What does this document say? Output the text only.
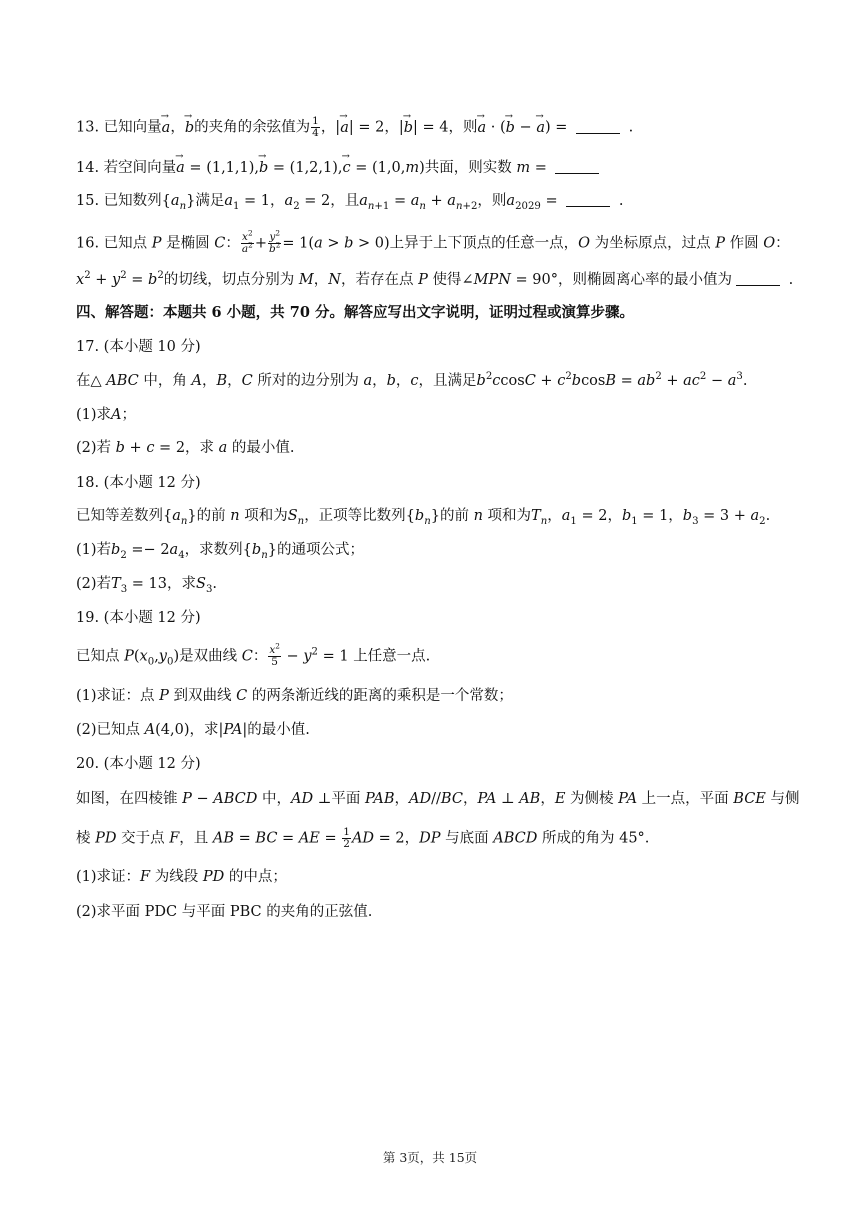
13. 已知向量→ a，→ b的夹角的余弦值为 $\frac{1}{4}$ ，|→ a| = 2，|→ b| = 4，则→ a · (→ b − → a) =	.
14. 若空间向量→ a = (1,1,1),→ b = (1,2,1),→ c = (1,0,m)共面，则实数 m =
15. 已知数列$\{a_n\}$满足$a_1 = 1$，$a_2 = 2$，且$a_{n+1} = a_n + a_{n+2}$，则$a_{2029}$ =	.
16. 已知点 P 是椭圆 C： $\frac{x^2}{a^2} + \frac{y^2}{b^2} = 1(a > b > 0)$上异于上下顶点的任意一点，O 为坐标原点，过点 P 作圆 O：
$x^2 + y^2 = b^2$的切线，切点分别为 M，N，若存在点 P 使得∠MPN = 90°，则椭圆离心率的最小值为	.
四、解答题：本题共 6 小题，共 70 分。解答应写出文字说明，证明过程或演算步骤。
17. (本小题 10 分)
在△ ABC 中，角 A，B，C 所对的边分别为 a，b，c，且满足$b^2ccosC + c^2bcosB = ab^2 + ac^2 - a^3$.
(1)求A；
(2)若 b + c = 2，求 a 的最小值.
18. (本小题 12 分)
已知等差数列$\{a_n\}$的前 n 项和为$S_n$，正项等比数列$\{b_n\}$的前 n 项和为$T_n$，$a_1 = 2$，$b_1 = 1$，$b_3 = 3 + a_2$.
(1)若$b_2 =- 2a_4$，求数列$\{b_n\}$的通项公式；
(2)若$T_3 = 13$，求$S_3$.
19. (本小题 12 分)
已知点 $P(x_0,y_0)$是双曲线 C： $\frac{x^2}{5} - y^2 = 1$ 上任意一点.
(1)求证：点 P 到双曲线 C 的两条渐近线的距离的乘积是一个常数；
(2)已知点 A(4,0)，求|PA|的最小值.
20. (本小题 12 分)
如图，在四棱锥 P − ABCD 中，AD ⊥平面 PAB，AD//BC，PA ⊥ AB，E 为侧棱 PA 上一点，平面 BCE 与侧
棱 PD 交于点 F，且 AB = BC = AE = $\frac{1}{2}$ AD = 2，DP 与底面 ABCD 所成的角为 45°.
(1)求证：F 为线段 PD 的中点；
(2)求平面 PDC 与平面 PBC 的夹角的正弦值.
第 3页，共 15页
